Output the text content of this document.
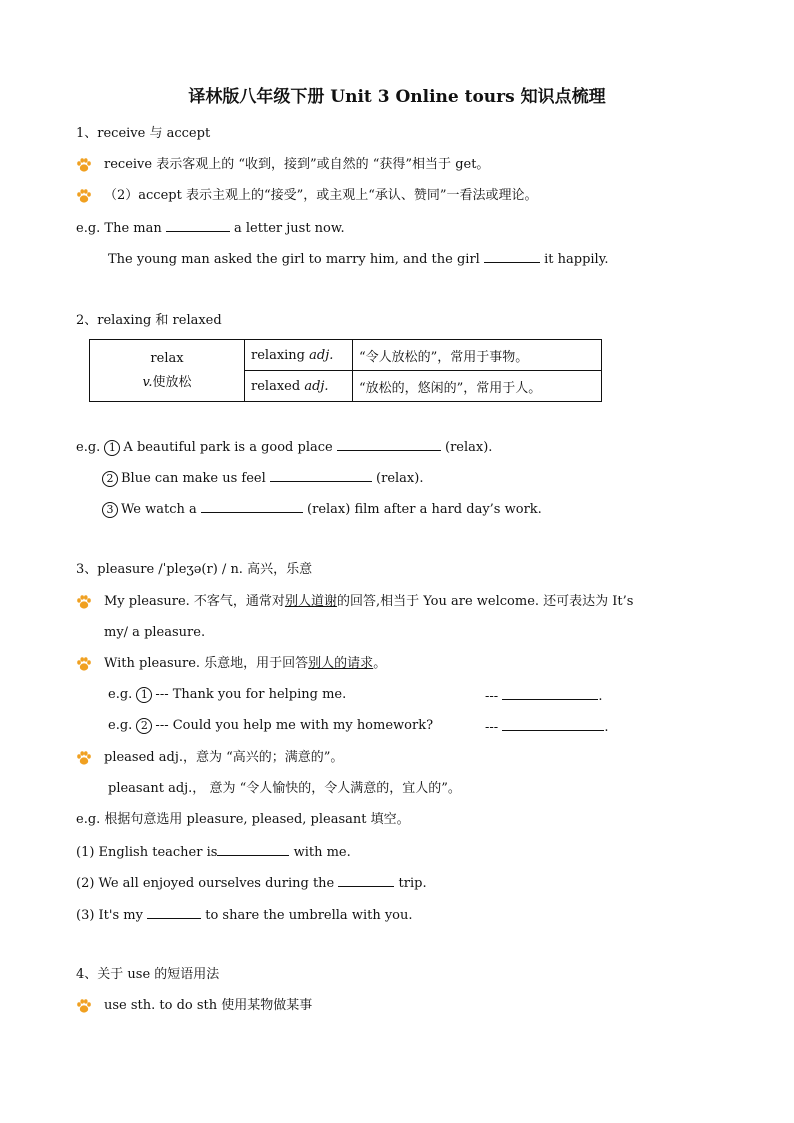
译林版八年级下册 Unit 3 Online tours 知识点梳理
1、receive 与 accept
receive 表示客观上的 “收到，接到”或自然的 “获得”相当于 get。
（2）accept 表示主观上的“接受”，或主观上“承认、赞同”一看法或理论。
e.g. The man	a letter just now.
The young man asked the girl to marry him, and the girl	it happily.
2、relaxing 和 relaxed
relax
v.使放松	relaxing adj.	“令人放松的”，常用于事物。
	relaxed adj.	“放松的，悠闲的”，常用于人。
e.g. 1 A beautiful park is a good place	(relax).
2 Blue can make us feel	(relax).
3 We watch a	(relax) film after a hard day’s work.
3、pleasure /ˈpleʒə(r) / n. 高兴，乐意
My pleasure. 不客气，通常对别人道谢的回答,相当于 You are welcome. 还可表达为 It’s
my/ a pleasure.
With pleasure. 乐意地，用于回答别人的请求。
e.g. 1 --- Thank you for helping me.	---	.
e.g. 2 --- Could you help me with my homework?	---	.
pleased adj.，意为 “高兴的；满意的”。
pleasant adj.， 意为 “令人愉快的，令人满意的，宜人的”。
e.g. 根据句意选用 pleasure, pleased, pleasant 填空。
(1) English teacher is	with me.
(2) We all enjoyed ourselves during the	trip.
(3) It's my	to share the umbrella with you.
4、关于 use 的短语用法
use sth. to do sth 使用某物做某事
